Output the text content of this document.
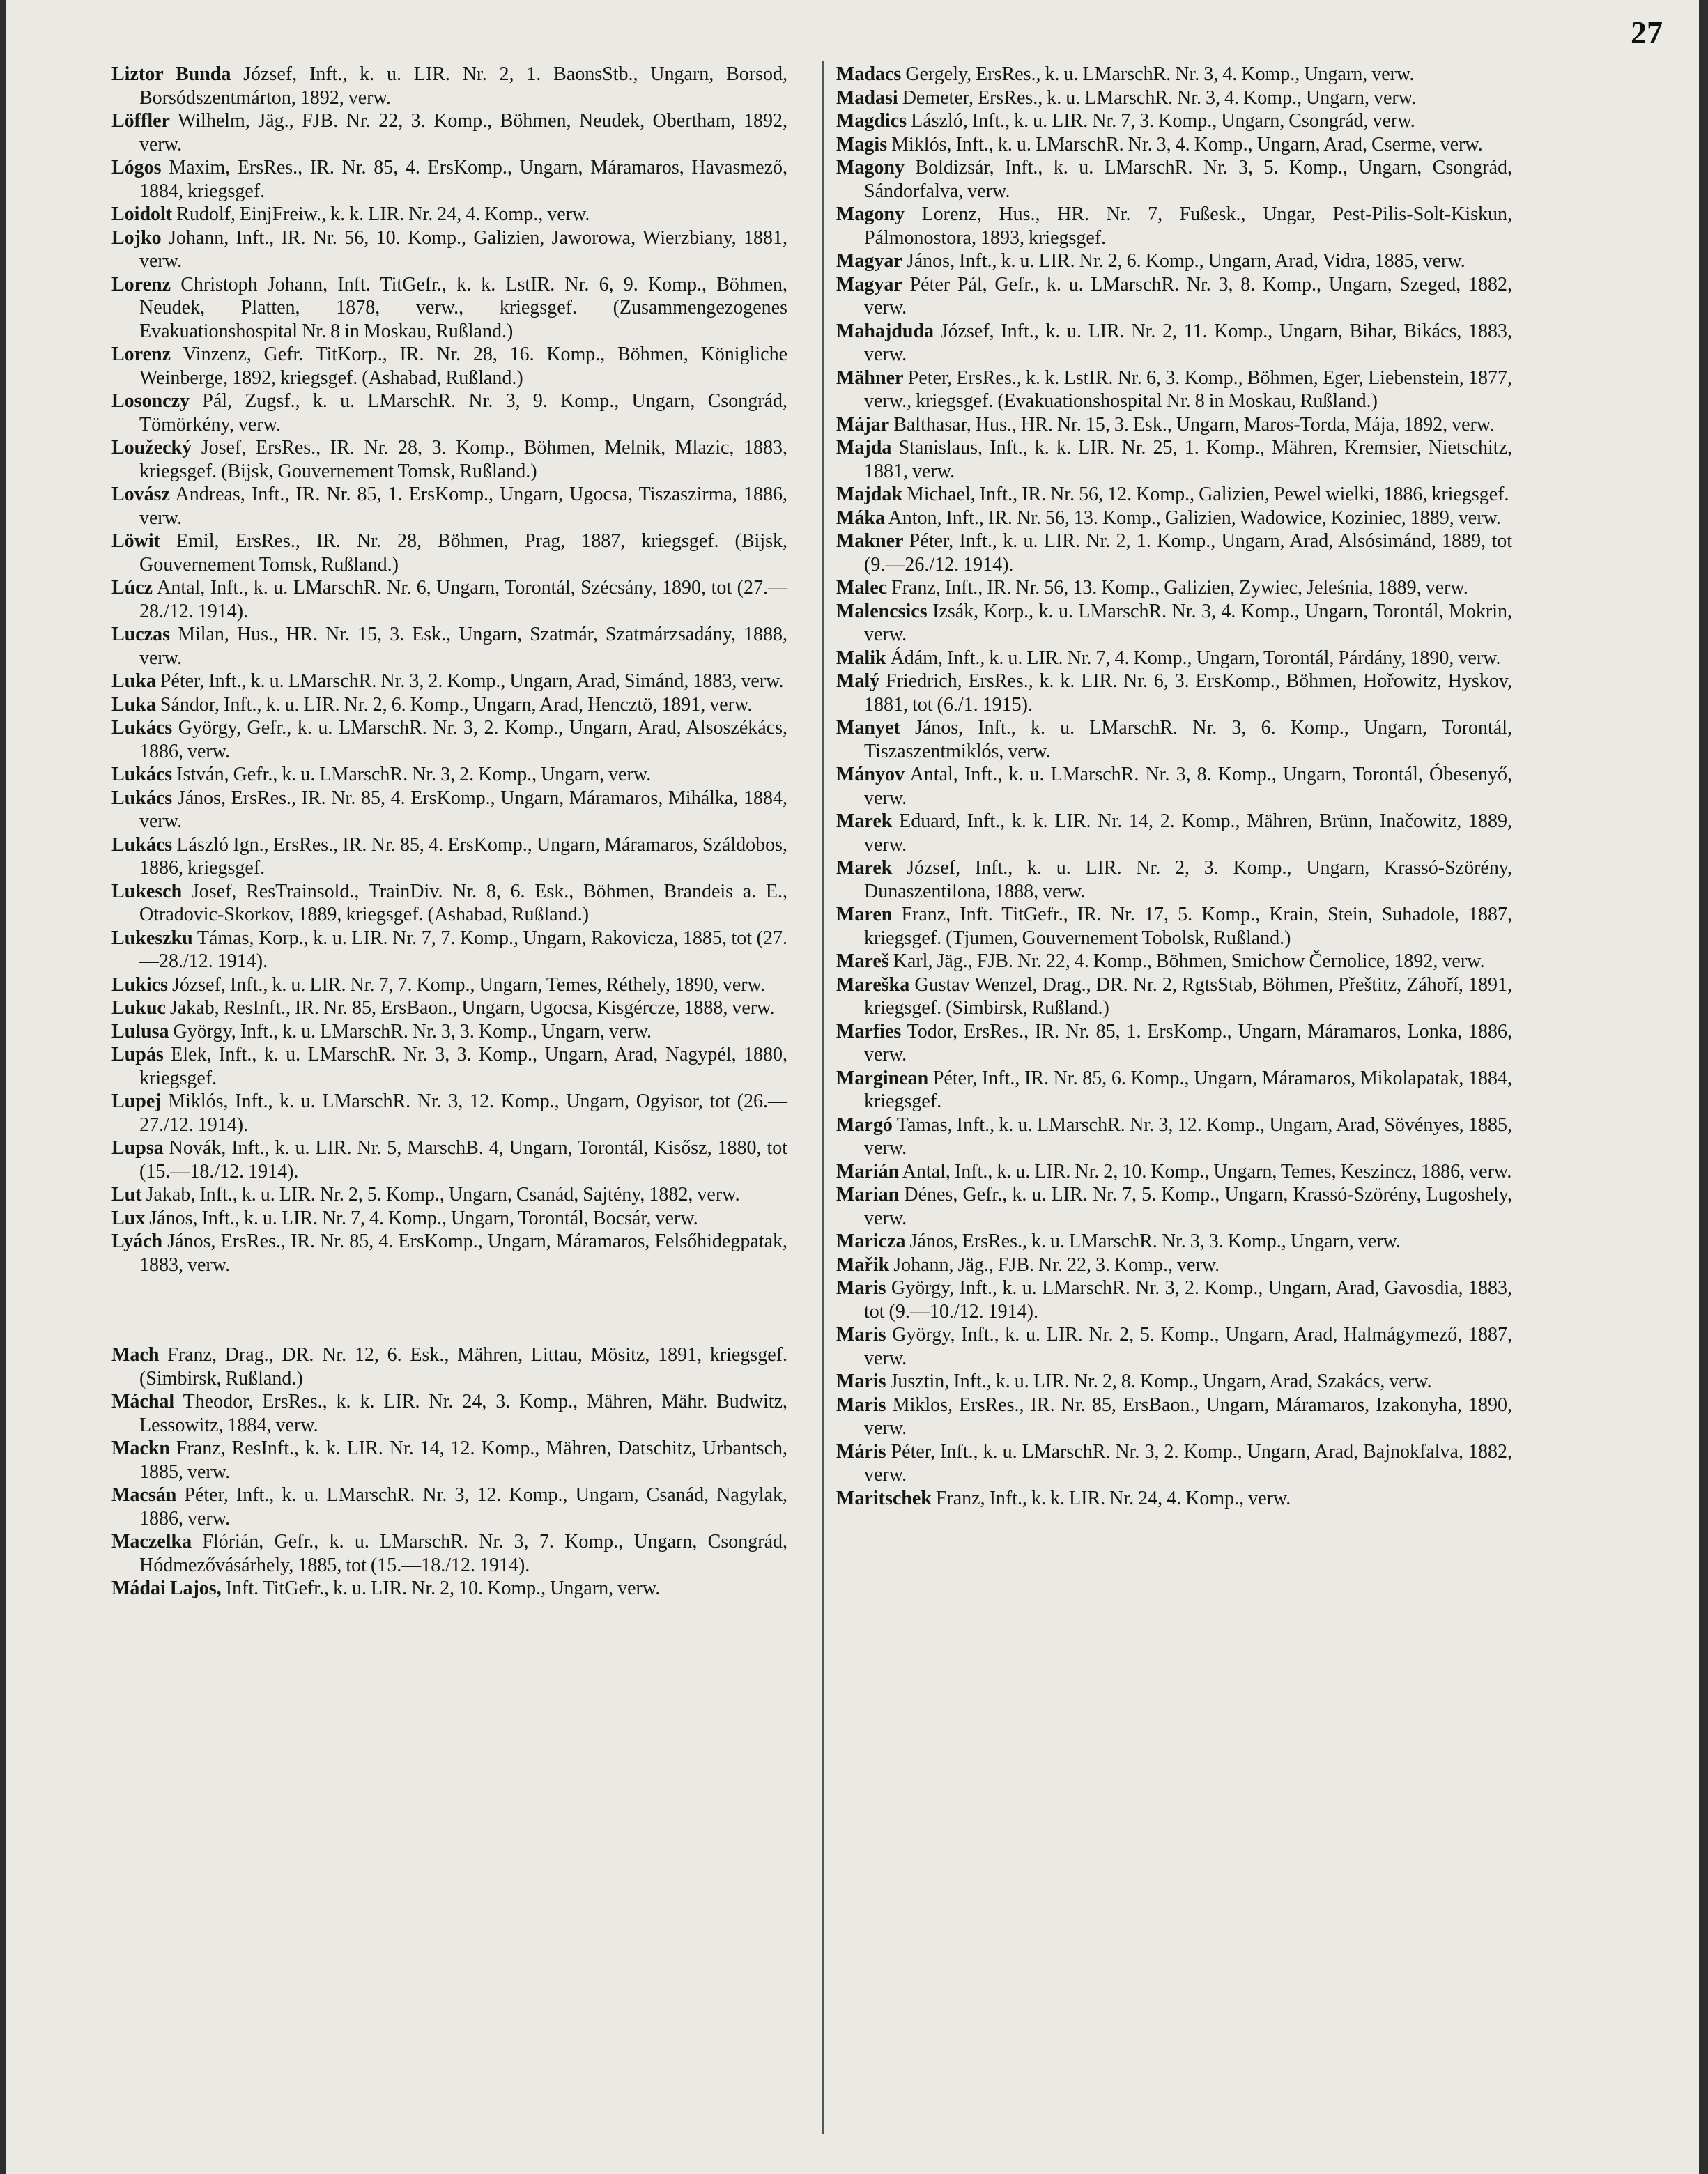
27

Liztor Bunda József, Inft., k. u. LIR. Nr. 2, 1. BaonsStb., Ungarn, Borsod, Borsódszentmárton, 1892, verw.

Löffler Wilhelm, Jäg., FJB. Nr. 22, 3. Komp., Böhmen, Neudek, Obertham, 1892, verw.

Lógos Maxim, ErsRes., IR. Nr. 85, 4. ErsKomp., Ungarn, Máramaros, Havasmező, 1884, kriegsgef.

Loidolt Rudolf, EinjFreiw., k. k. LIR. Nr. 24, 4. Komp., verw.

Lojko Johann, Inft., IR. Nr. 56, 10. Komp., Galizien, Jaworowa, Wierzbiany, 1881, verw.

Lorenz Christoph Johann, Inft. TitGefr., k. k. LstIR. Nr. 6, 9. Komp., Böhmen, Neudek, Platten, 1878, verw., kriegsgef. (Zusammengezogenes Evakuationshospital Nr. 8 in Moskau, Rußland.)

Lorenz Vinzenz, Gefr. TitKorp., IR. Nr. 28, 16. Komp., Böhmen, Königliche Weinberge, 1892, kriegsgef. (Ashabad, Rußland.)

Losonczy Pál, Zugsf., k. u. LMarschR. Nr. 3, 9. Komp., Ungarn, Csongrád, Tömörkény, verw.

Loužecký Josef, ErsRes., IR. Nr. 28, 3. Komp., Böhmen, Melnik, Mlazic, 1883, kriegsgef. (Bijsk, Gouvernement Tomsk, Rußland.)

Lovász Andreas, Inft., IR. Nr. 85, 1. ErsKomp., Ungarn, Ugocsa, Tiszaszirma, 1886, verw.

Löwit Emil, ErsRes., IR. Nr. 28, Böhmen, Prag, 1887, kriegsgef. (Bijsk, Gouvernement Tomsk, Rußland.)

Lúcz Antal, Inft., k. u. LMarschR. Nr. 6, Ungarn, Torontál, Szécsány, 1890, tot (27.—28./12. 1914).

Luczas Milan, Hus., HR. Nr. 15, 3. Esk., Ungarn, Szatmár, Szatmárzsadány, 1888, verw.

Luka Péter, Inft., k. u. LMarschR. Nr. 3, 2. Komp., Ungarn, Arad, Simánd, 1883, verw.

Luka Sándor, Inft., k. u. LIR. Nr. 2, 6. Komp., Ungarn, Arad, Hencztö, 1891, verw.

Lukács György, Gefr., k. u. LMarschR. Nr. 3, 2. Komp., Ungarn, Arad, Alsoszékács, 1886, verw.

Lukács István, Gefr., k. u. LMarschR. Nr. 3, 2. Komp., Ungarn, verw.

Lukács János, ErsRes., IR. Nr. 85, 4. ErsKomp., Ungarn, Máramaros, Mihálka, 1884, verw.

Lukács László Ign., ErsRes., IR. Nr. 85, 4. ErsKomp., Ungarn, Máramaros, Száldobos, 1886, kriegsgef.

Lukesch Josef, ResTrainsold., TrainDiv. Nr. 8, 6. Esk., Böhmen, Brandeis a. E., Otradovic-Skorkov, 1889, kriegsgef. (Ashabad, Rußland.)

Lukeszku Támas, Korp., k. u. LIR. Nr. 7, 7. Komp., Ungarn, Rakovicza, 1885, tot (27.—28./12. 1914).

Lukics József, Inft., k. u. LIR. Nr. 7, 7. Komp., Ungarn, Temes, Réthely, 1890, verw.

Lukuc Jakab, ResInft., IR. Nr. 85, ErsBaon., Ungarn, Ugocsa, Kisgércze, 1888, verw.

Lulusa György, Inft., k. u. LMarschR. Nr. 3, 3. Komp., Ungarn, verw.

Lupás Elek, Inft., k. u. LMarschR. Nr. 3, 3. Komp., Ungarn, Arad, Nagypél, 1880, kriegsgef.

Lupej Miklós, Inft., k. u. LMarschR. Nr. 3, 12. Komp., Ungarn, Ogyisor, tot (26.—27./12. 1914).

Lupsa Novák, Inft., k. u. LIR. Nr. 5, MarschB. 4, Ungarn, Torontál, Kisősz, 1880, tot (15.—18./12. 1914).

Lut Jakab, Inft., k. u. LIR. Nr. 2, 5. Komp., Ungarn, Csanád, Sajtény, 1882, verw.

Lux János, Inft., k. u. LIR. Nr. 7, 4. Komp., Ungarn, Torontál, Bocsár, verw.

Lyách János, ErsRes., IR. Nr. 85, 4. ErsKomp., Ungarn, Máramaros, Felsőhidegpatak, 1883, verw.

Mach Franz, Drag., DR. Nr. 12, 6. Esk., Mähren, Littau, Mösitz, 1891, kriegsgef. (Simbirsk, Rußland.)

Máchal Theodor, ErsRes., k. k. LIR. Nr. 24, 3. Komp., Mähren, Mähr. Budwitz, Lessowitz, 1884, verw.

Mackn Franz, ResInft., k. k. LIR. Nr. 14, 12. Komp., Mähren, Datschitz, Urbantsch, 1885, verw.

Macsán Péter, Inft., k. u. LMarschR. Nr. 3, 12. Komp., Ungarn, Csanád, Nagylak, 1886, verw.

Maczelka Flórián, Gefr., k. u. LMarschR. Nr. 3, 7. Komp., Ungarn, Csongrád, Hódmezővásárhely, 1885, tot (15.—18./12. 1914).

Mádai Lajos, Inft. TitGefr., k. u. LIR. Nr. 2, 10. Komp., Ungarn, verw.

Madacs Gergely, ErsRes., k. u. LMarschR. Nr. 3, 4. Komp., Ungarn, verw.

Madasi Demeter, ErsRes., k. u. LMarschR. Nr. 3, 4. Komp., Ungarn, verw.

Magdics László, Inft., k. u. LIR. Nr. 7, 3. Komp., Ungarn, Csongrád, verw.

Magis Miklós, Inft., k. u. LMarschR. Nr. 3, 4. Komp., Ungarn, Arad, Cserme, verw.

Magony Boldizsár, Inft., k. u. LMarschR. Nr. 3, 5. Komp., Ungarn, Csongrád, Sándorfalva, verw.

Magony Lorenz, Hus., HR. Nr. 7, Fußesk., Ungar, Pest-Pilis-Solt-Kiskun, Pálmonostora, 1893, kriegsgef.

Magyar János, Inft., k. u. LIR. Nr. 2, 6. Komp., Ungarn, Arad, Vidra, 1885, verw.

Magyar Péter Pál, Gefr., k. u. LMarschR. Nr. 3, 8. Komp., Ungarn, Szeged, 1882, verw.

Mahajduda József, Inft., k. u. LIR. Nr. 2, 11. Komp., Ungarn, Bihar, Bikács, 1883, verw.

Mähner Peter, ErsRes., k. k. LstIR. Nr. 6, 3. Komp., Böhmen, Eger, Liebenstein, 1877, verw., kriegsgef. (Evakuationshospital Nr. 8 in Moskau, Rußland.)

Májar Balthasar, Hus., HR. Nr. 15, 3. Esk., Ungarn, Maros-Torda, Mája, 1892, verw.

Majda Stanislaus, Inft., k. k. LIR. Nr. 25, 1. Komp., Mähren, Kremsier, Nietschitz, 1881, verw.

Majdak Michael, Inft., IR. Nr. 56, 12. Komp., Galizien, Pewel wielki, 1886, kriegsgef.

Máka Anton, Inft., IR. Nr. 56, 13. Komp., Galizien, Wadowice, Koziniec, 1889, verw.

Makner Péter, Inft., k. u. LIR. Nr. 2, 1. Komp., Ungarn, Arad, Alsósimánd, 1889, tot (9.—26./12. 1914).

Malec Franz, Inft., IR. Nr. 56, 13. Komp., Galizien, Zywiec, Jeleśnia, 1889, verw.

Malencsics Izsák, Korp., k. u. LMarschR. Nr. 3, 4. Komp., Ungarn, Torontál, Mokrin, verw.

Malik Ádám, Inft., k. u. LIR. Nr. 7, 4. Komp., Ungarn, Torontál, Párdány, 1890, verw.

Malý Friedrich, ErsRes., k. k. LIR. Nr. 6, 3. ErsKomp., Böhmen, Hořowitz, Hyskov, 1881, tot (6./1. 1915).

Manyet János, Inft., k. u. LMarschR. Nr. 3, 6. Komp., Ungarn, Torontál, Tiszaszentmiklós, verw.

Mányov Antal, Inft., k. u. LMarschR. Nr. 3, 8. Komp., Ungarn, Torontál, Óbesenyő, verw.

Marek Eduard, Inft., k. k. LIR. Nr. 14, 2. Komp., Mähren, Brünn, Inačowitz, 1889, verw.

Marek József, Inft., k. u. LIR. Nr. 2, 3. Komp., Ungarn, Krassó-Szörény, Dunaszentilona, 1888, verw.

Maren Franz, Inft. TitGefr., IR. Nr. 17, 5. Komp., Krain, Stein, Suhadole, 1887, kriegsgef. (Tjumen, Gouvernement Tobolsk, Rußland.)

Mareš Karl, Jäg., FJB. Nr. 22, 4. Komp., Böhmen, Smichow Černolice, 1892, verw.

Mareška Gustav Wenzel, Drag., DR. Nr. 2, RgtsStab, Böhmen, Přeštitz, Záhoří, 1891, kriegsgef. (Simbirsk, Rußland.)

Marfies Todor, ErsRes., IR. Nr. 85, 1. ErsKomp., Ungarn, Máramaros, Lonka, 1886, verw.

Marginean Péter, Inft., IR. Nr. 85, 6. Komp., Ungarn, Máramaros, Mikolapatak, 1884, kriegsgef.

Margó Tamas, Inft., k. u. LMarschR. Nr. 3, 12. Komp., Ungarn, Arad, Sövényes, 1885, verw.

Marián Antal, Inft., k. u. LIR. Nr. 2, 10. Komp., Ungarn, Temes, Keszincz, 1886, verw.

Marian Dénes, Gefr., k. u. LIR. Nr. 7, 5. Komp., Ungarn, Krassó-Szörény, Lugoshely, verw.

Maricza János, ErsRes., k. u. LMarschR. Nr. 3, 3. Komp., Ungarn, verw.

Mařik Johann, Jäg., FJB. Nr. 22, 3. Komp., verw.

Maris György, Inft., k. u. LMarschR. Nr. 3, 2. Komp., Ungarn, Arad, Gavosdia, 1883, tot (9.—10./12. 1914).

Maris György, Inft., k. u. LIR. Nr. 2, 5. Komp., Ungarn, Arad, Halmágymező, 1887, verw.

Maris Jusztin, Inft., k. u. LIR. Nr. 2, 8. Komp., Ungarn, Arad, Szakács, verw.

Maris Miklos, ErsRes., IR. Nr. 85, ErsBaon., Ungarn, Máramaros, Izakonyha, 1890, verw.

Máris Péter, Inft., k. u. LMarschR. Nr. 3, 2. Komp., Ungarn, Arad, Bajnokfalva, 1882, verw.

Maritschek Franz, Inft., k. k. LIR. Nr. 24, 4. Komp., verw.
